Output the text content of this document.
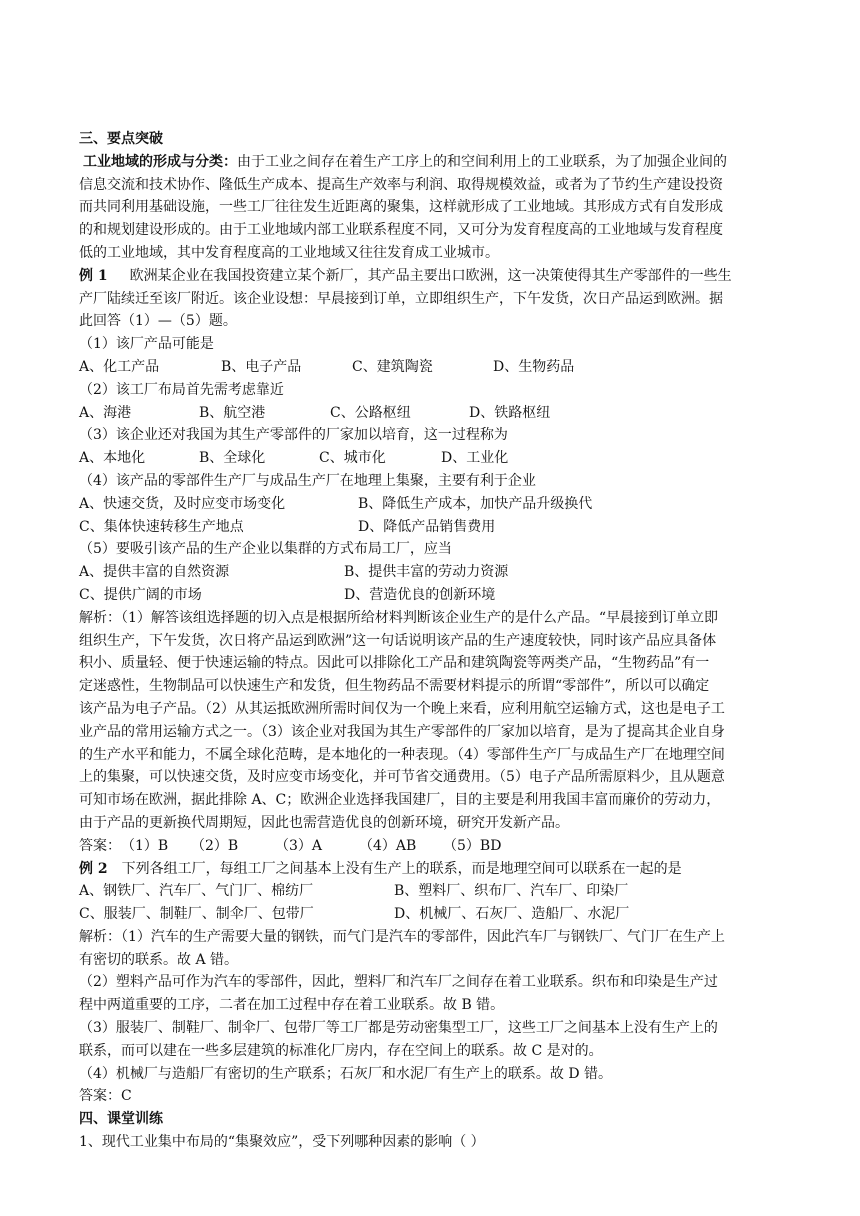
三、要点突破
工业地域的形成与分类：由于工业之间存在着生产工序上的和空间利用上的工业联系，为了加强企业间的
信息交流和技术协作、隆低生产成本、提高生产效率与利润、取得规模效益，或者为了节约生产建设投资
而共同利用基础设施，一些工厂往往发生近距离的聚集，这样就形成了工业地域。其形成方式有自发形成
的和规划建设形成的。由于工业地域内部工业联系程度不同，又可分为发育程度高的工业地域与发育程度
低的工业地域，其中发育程度高的工业地域又往往发育成工业城市。
例 1 欧洲某企业在我国投资建立某个新厂，其产品主要出口欧洲，这一决策使得其生产零部件的一些生
产厂陆续迁至该厂附近。该企业设想：早晨接到订单，立即组织生产，下午发货，次日产品运到欧洲。据
此回答（1）—（5）题。
（1）该厂产品可能是
A、化工产品	B、电子产品	C、建筑陶瓷	D、生物药品
（2）该工厂布局首先需考虑靠近
A、海港	B、航空港	C、公路枢纽	D、铁路枢纽
（3）该企业还对我国为其生产零部件的厂家加以培育，这一过程称为
A、本地化	B、全球化	C、城市化	D、工业化
（4）该产品的零部件生产厂与成品生产厂在地理上集聚，主要有利于企业
A、快速交货，及时应变市场变化	B、降低生产成本，加快产品升级换代
C、集体快速转移生产地点	D、降低产品销售费用
（5）要吸引该产品的生产企业以集群的方式布局工厂，应当
A、提供丰富的自然资源	B、提供丰富的劳动力资源
C、提供广阔的市场	D、营造优良的创新环境
解析：（1）解答该组选择题的切入点是根据所给材料判断该企业生产的是什么产品。“早晨接到订单立即
组织生产，下午发货，次日将产品运到欧洲”这一句话说明该产品的生产速度较快，同时该产品应具备体
积小、质量轻、便于快速运输的特点。因此可以排除化工产品和建筑陶瓷等两类产品，“生物药品”有一
定迷惑性，生物制品可以快速生产和发货，但生物药品不需要材料提示的所谓“零部件”，所以可以确定
该产品为电子产品。（2）从其运抵欧洲所需时间仅为一个晚上来看，应利用航空运输方式，这也是电子工
业产品的常用运输方式之一。（3）该企业对我国为其生产零部件的厂家加以培育，是为了提高其企业自身
的生产水平和能力，不属全球化范畴，是本地化的一种表现。（4）零部件生产厂与成品生产厂在地理空间
上的集聚，可以快速交货，及时应变市场变化，并可节省交通费用。（5）电子产品所需原料少，且从题意
可知市场在欧洲，据此排除 A、C；欧洲企业选择我国建厂，目的主要是利用我国丰富而廉价的劳动力，
由于产品的更新换代周期短，因此也需营造优良的创新环境，研究开发新产品。
答案： （1）B （2）B	（3）A	（4）AB （5）BD
例 2 下列各组工厂，每组工厂之间基本上没有生产上的联系，而是地理空间可以联系在一起的是
A、钢铁厂、汽车厂、气门厂、棉纺厂	B、塑料厂、织布厂、汽车厂、印染厂
C、服装厂、制鞋厂、制伞厂、包带厂	D、机械厂、石灰厂、造船厂、水泥厂
解析：（1）汽车的生产需要大量的钢铁，而气门是汽车的零部件，因此汽车厂与钢铁厂、气门厂在生产上
有密切的联系。故 A 错。
（2）塑料产品可作为汽车的零部件，因此，塑料厂和汽车厂之间存在着工业联系。织布和印染是生产过
程中两道重要的工序，二者在加工过程中存在着工业联系。故 B 错。
（3）服装厂、制鞋厂、制伞厂、包带厂等工厂都是劳动密集型工厂，这些工厂之间基本上没有生产上的
联系，而可以建在一些多层建筑的标准化厂房内，存在空间上的联系。故 C 是对的。
（4）机械厂与造船厂有密切的生产联系；石灰厂和水泥厂有生产上的联系。故 D 错。
答案：C
四、课堂训练
1、现代工业集中布局的“集聚效应”，受下列哪种因素的影响（ ）
